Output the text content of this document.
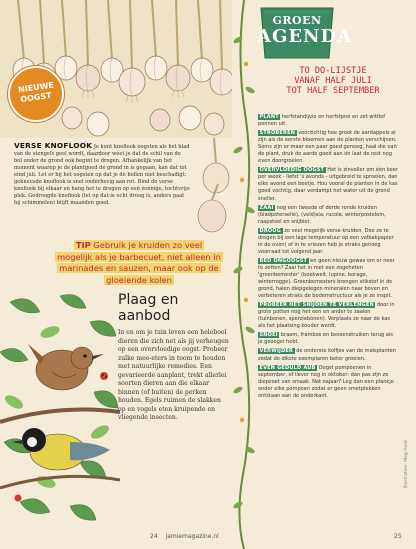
NIEUWE
OOGST
VERSE KNOFLOOK Je kunt knoflook oogsten als het blad van de stengels geel wordt, daardoor weet je dat de schil van de bol onder de grond ook begint te drogen. Afhankelijk van het moment waarop je de plantgoed de grond in is gegaan, kan dat tot eind juli. Let er bij het oogsten op dat je de bollen niet beschadigt: gekneusde knoflook is snel onderhevig aan rot. Bind de verse knoflook bij elkaar en hang het te drogen op een zonnige, tochtvrije plek. Gedroogde knoflook (let op dat-ie echt droog is, anders gaat hij schimmelen) blijft maanden goed.
TIP Gebruik je kruiden zo veel
mogelijk als je barbecuet, niet alleen in
marinades en sauzen, maar ook op de
gloeiende kolen
Plaag en
aanbod
In en om je tuin leven een heleboel dieren die zich net als jij verheugen op een overvloedige oogst. Probeer zulke mee-eters in toom te houden met natuurlijke remedies. Een gevarieerde aanplant, trekt allerlei soorten dieren aan die elkaar binnen (of buiten) de perken houden. Egels ruimen de slakken op en vogels eten kruipende en vliegende insecten.
24 jamiemagazine.nl
GROEN
AGENDA
TO DO-LIJSTJE
VANAF HALF JULI
TOT HALF SEPTEMBER

PLANT herfstandijvie en herfstprei en zet wittlof pennen uit.

STROBEREN voorzichtig hoe groot de aardappels al zijn als de eerste bloemen aan de planten verschijnen. Soms zijn er maar een paar goed genoeg, haal die van de plant, druk de aarde goed aan en laat de rest nog even doorgroeien.

OVERVLOEDIG OOGST Het is zinvoller om één keer per week - liefst 's avonds - uitgebreid te sproeien, dan elke avond een beetje. Hou vooral de planten in de kas goed vochtig, daar verdampt het water uit de grond sneller.

ZAAI nog een tweede of derde ronde kruiden (bladpeterselie), (veld)sla, rucola, winterpostelein, raapsteel en snijbiet.

DROOG zo veel mogelijk verse kruiden. Doe ze te drogen bij een lage temperatuur op een velbakpapier in de oven) of in te vriezen heb je straks genoeg voorraad tot volgend jaar.

BED ONGOOGST en geen nieuw gewas om er neer te zetten? Zaai het in met een zogeheten 'groenbemester' (boekweit, lupine, borage, winterrogge). Groenbemesters brengen stikstof in de grond, halen diepgelegen mineralen naar boven en verbeteren straks de bodemstructuur als je ze inspit.

PROBEER HET SNIJDEN TE VERLENGEN door in grote potten nog het een en ander te zaaien (tuinbonen, sperziebonen). Verplaats ze naar de kas als het plaatsing kouder wordt.

SNOEI braam, frambos en bessenstruiken terug als je geoogst hebt.

VERWIJDER de onderste kolfjes van de maïsplanten zodat de dikste exemplaren beter groeien.

EVEN GEDULD AUB Oogst pompoenen in september, of liever nog in oktober: dan pas zijn ze diepzoet van smaak. Nat najaar? Leg dan een plankje onder elke pompoen zodat er geen smetplekken ontstaan aan de onderkant.

Illustraties: Meg Hunt
25
